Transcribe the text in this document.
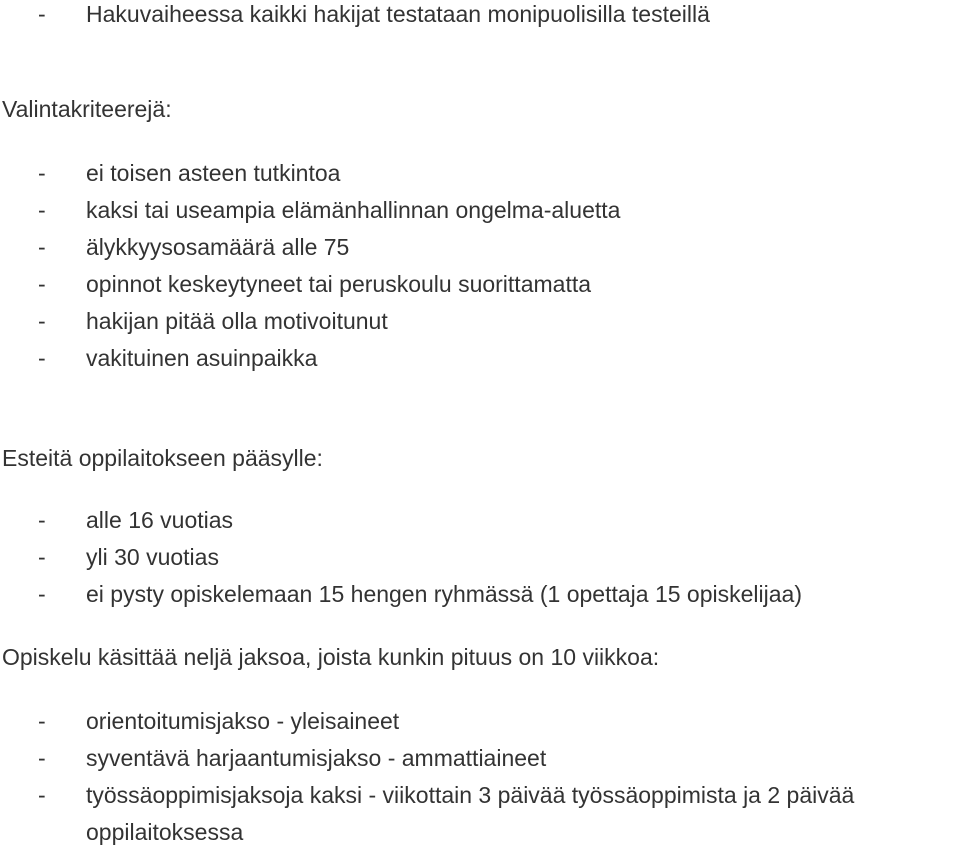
- Hakuvaiheessa kaikki hakijat testataan monipuolisilla testeillä
Valintakriteerejä:
- ei toisen asteen tutkintoa
- kaksi tai useampia elämänhallinnan ongelma-aluetta
- älykkyysosamäärä alle 75
- opinnot keskeytyneet tai peruskoulu suorittamatta
- hakijan pitää olla motivoitunut
- vakituinen asuinpaikka
Esteitä oppilaitokseen pääsylle:
- alle 16 vuotias
- yli 30 vuotias
- ei pysty opiskelemaan 15 hengen ryhmässä (1 opettaja 15 opiskelijaa)
Opiskelu käsittää neljä jaksoa, joista kunkin pituus on 10 viikkoa:
- orientoitumisjakso - yleisaineet
- syventävä harjaantumisjakso - ammattiaineet
- työssäoppimisjaksoja kaksi - viikottain 3 päivää työssäoppimista ja 2 päivää oppilaitoksessa
